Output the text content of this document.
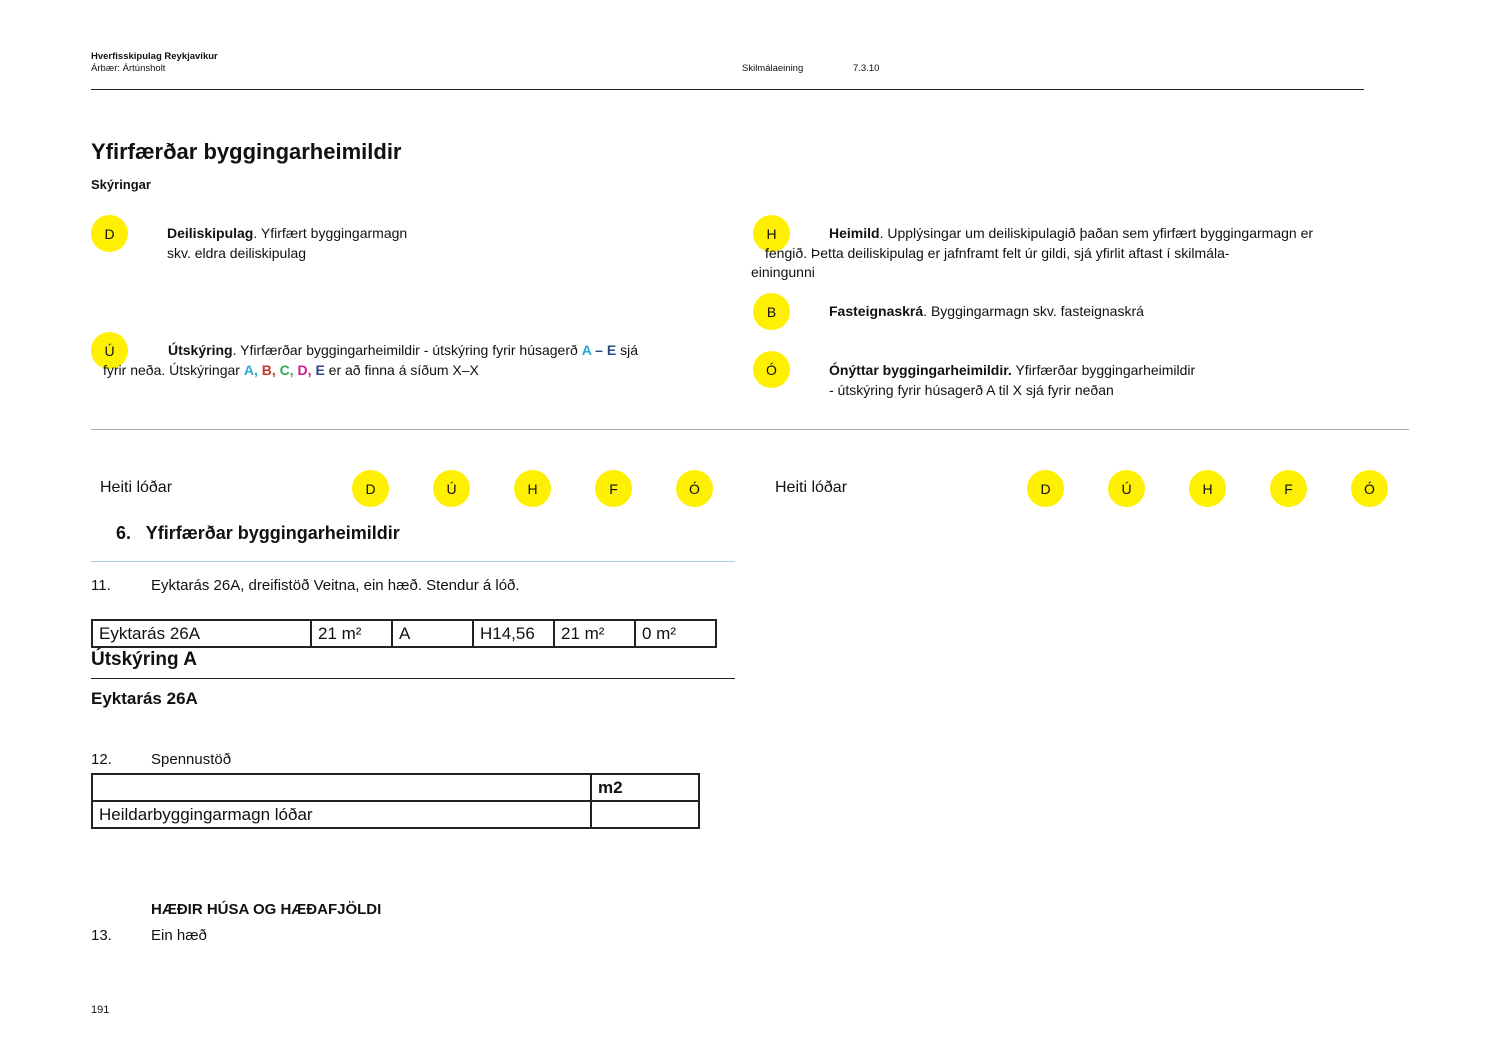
Hverfisskipulag Reykjavíkur
Árbær: Ártúnsholt	Skilmálaeining	7.3.10
Yfirfærðar byggingarheimildir
Skýringar
D	Deiliskipulag. Yfirfært byggingarmagn
skv. eldra deiliskipulag
Ú	Útskýring. Yfirfærðar byggingarheimildir - útskýring fyrir húsagerð A – E sjá
fyrir neða. Útskýringar A, B, C, D, E er að finna á síðum X–X
H	Heimild. Upplýsingar um deiliskipulagið þaðan sem yfirfært byggingarmagn er
fengið. Þetta deiliskipulag er jafnframt felt úr gildi, sjá yfirlit aftast í skilmála-
einingunni
B	Fasteignaskrá. Byggingarmagn skv. fasteignaskrá
Ó	Ónýttar byggingarheimildir. Yfirfærðar byggingarheimildir
- útskýring fyrir húsagerð A til X sjá fyrir neðan
Heiti lóðar	D	Ú	H	F	Ó	Heiti lóðar	D	Ú	H	F	Ó
6.   Yfirfærðar byggingarheimildir
11.	Eyktarás 26A, dreifistöð Veitna, ein hæð. Stendur á lóð.
Eyktarás 26A	21 m²	A	H14,56	21 m²	0 m²
Útskýring A
Eyktarás 26A
12.	Spennustöð
	m2
Heildarbyggingarmagn lóðar	
HÆÐIR HÚSA OG HÆÐAFJÖLDI
13.	Ein hæð
191
